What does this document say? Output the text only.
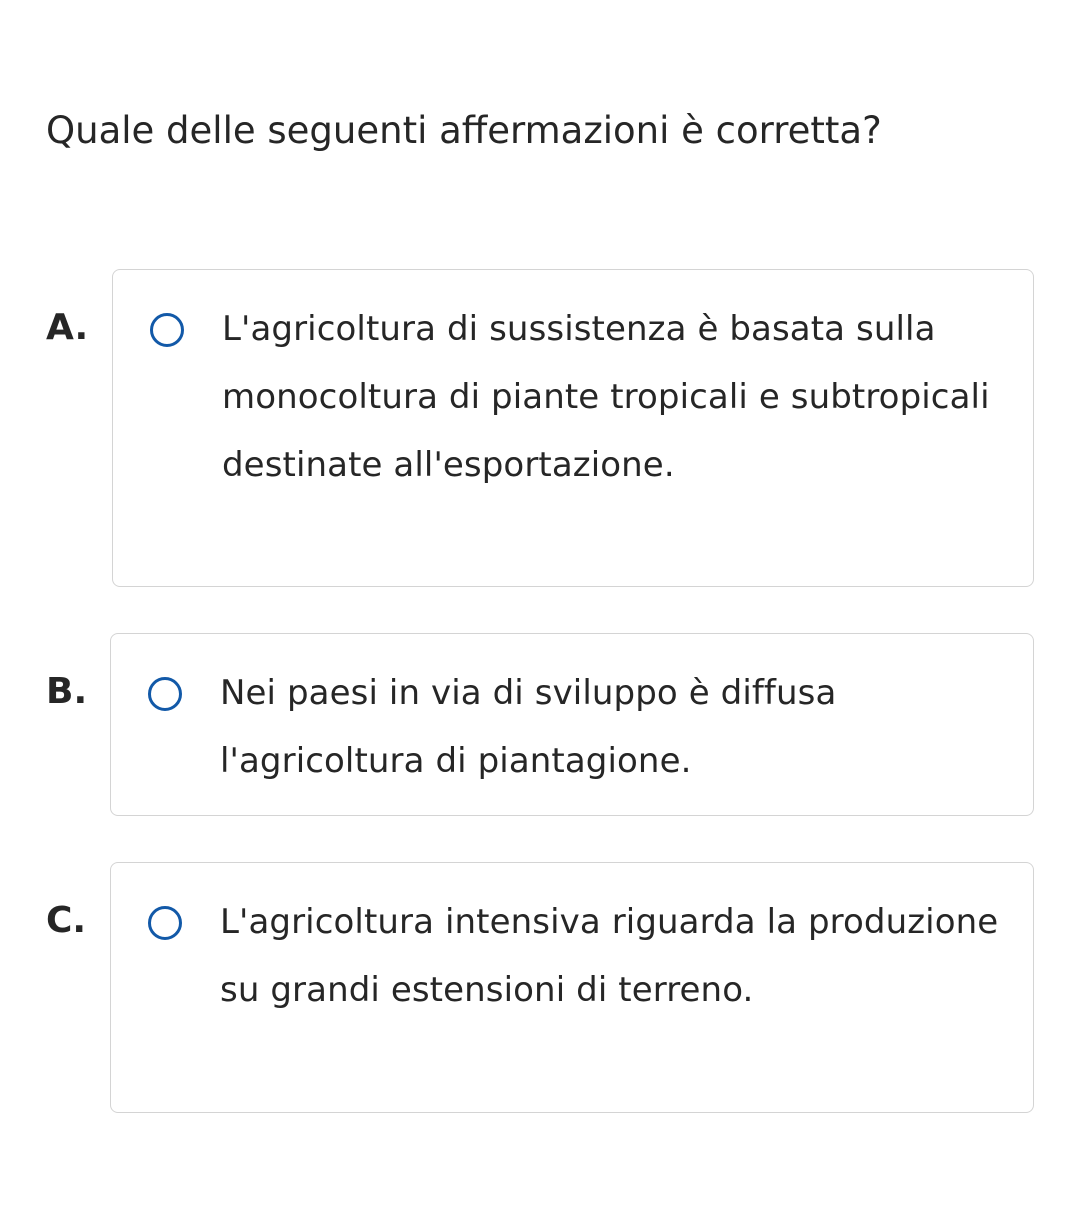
Quale delle seguenti affermazioni è corretta?
A.	L'agricoltura di sussistenza è basata sulla monocoltura di piante tropicali e subtropicali destinate all'esportazione.
B.	Nei paesi in via di sviluppo è diffusa l'agricoltura di piantagione.
C.	L'agricoltura intensiva riguarda la produzione su grandi estensioni di terreno.
